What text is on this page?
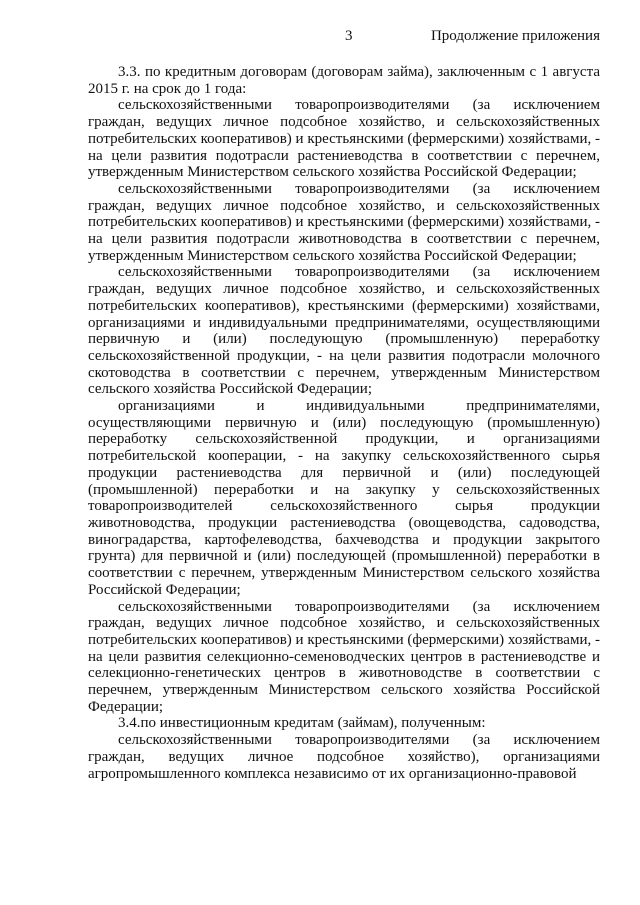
3	Продолжение приложения

3.3. по кредитным договорам (договорам займа), заключенным с 1 августа 2015 г. на срок до 1 года:

сельскохозяйственными товаропроизводителями (за исключением граждан, ведущих личное подсобное хозяйство, и сельскохозяйственных потребительских кооперативов) и крестьянскими (фермерскими) хозяйствами, - на цели развития подотрасли растениеводства в соответствии с перечнем, утвержденным Министерством сельского хозяйства Российской Федерации;

сельскохозяйственными товаропроизводителями (за исключением граждан, ведущих личное подсобное хозяйство, и сельскохозяйственных потребительских кооперативов) и крестьянскими (фермерскими) хозяйствами, - на цели развития подотрасли животноводства в соответствии с перечнем, утвержденным Министерством сельского хозяйства Российской Федерации;

сельскохозяйственными товаропроизводителями (за исключением граждан, ведущих личное подсобное хозяйство, и сельскохозяйственных потребительских кооперативов), крестьянскими (фермерскими) хозяйствами, организациями и индивидуальными предпринимателями, осуществляющими первичную и (или) последующую (промышленную) переработку сельскохозяйственной продукции, - на цели развития подотрасли молочного скотоводства в соответствии с перечнем, утвержденным Министерством сельского хозяйства Российской Федерации;

организациями и индивидуальными предпринимателями, осуществляющими первичную и (или) последующую (промышленную) переработку сельскохозяйственной продукции, и организациями потребительской кооперации, - на закупку сельскохозяйственного сырья продукции растениеводства для первичной и (или) последующей (промышленной) переработки и на закупку у сельскохозяйственных товаропроизводителей сельскохозяйственного сырья продукции животноводства, продукции растениеводства (овощеводства, садоводства, виноградарства, картофелеводства, бахчеводства и продукции закрытого грунта) для первичной и (или) последующей (промышленной) переработки в соответствии с перечнем, утвержденным Министерством сельского хозяйства Российской Федерации;

сельскохозяйственными товаропроизводителями (за исключением граждан, ведущих личное подсобное хозяйство, и сельскохозяйственных потребительских кооперативов) и крестьянскими (фермерскими) хозяйствами, - на цели развития селекционно-семеноводческих центров в растениеводстве и селекционно-генетических центров в животноводстве в соответствии с перечнем, утвержденным Министерством сельского хозяйства Российской Федерации;

3.4.по инвестиционным кредитам (займам), полученным:

сельскохозяйственными товаропроизводителями (за исключением граждан, ведущих личное подсобное хозяйство), организациями агропромышленного комплекса независимо от их организационно-правовой
